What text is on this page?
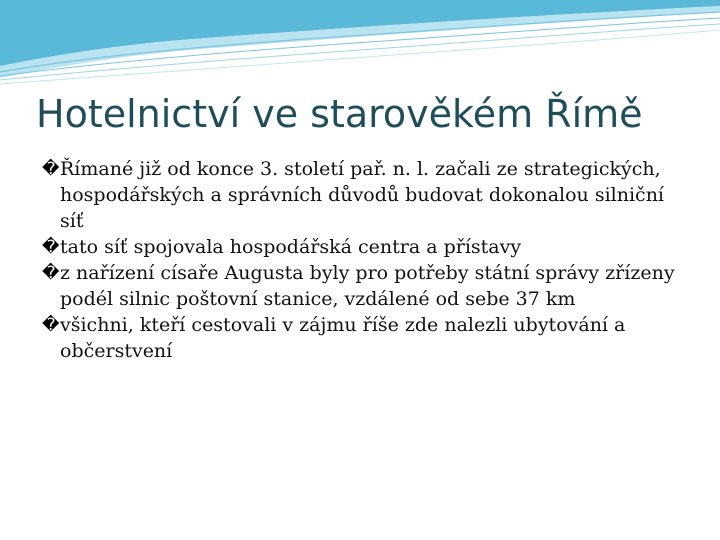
Hotelnictví ve starověkém Římě
� Římané již od konce 3. století pař. n. l. začali ze strategických, hospodářských a správních důvodů budovat dokonalou silniční síť
� tato síť spojovala hospodářská centra a přístavy
� z nařízení císaře Augusta byly pro potřeby státní správy zřízeny podél silnic poštovní stanice, vzdálené od sebe 37 km
� všichni, kteří cestovali v zájmu říše zde nalezli ubytování a občerstvení
